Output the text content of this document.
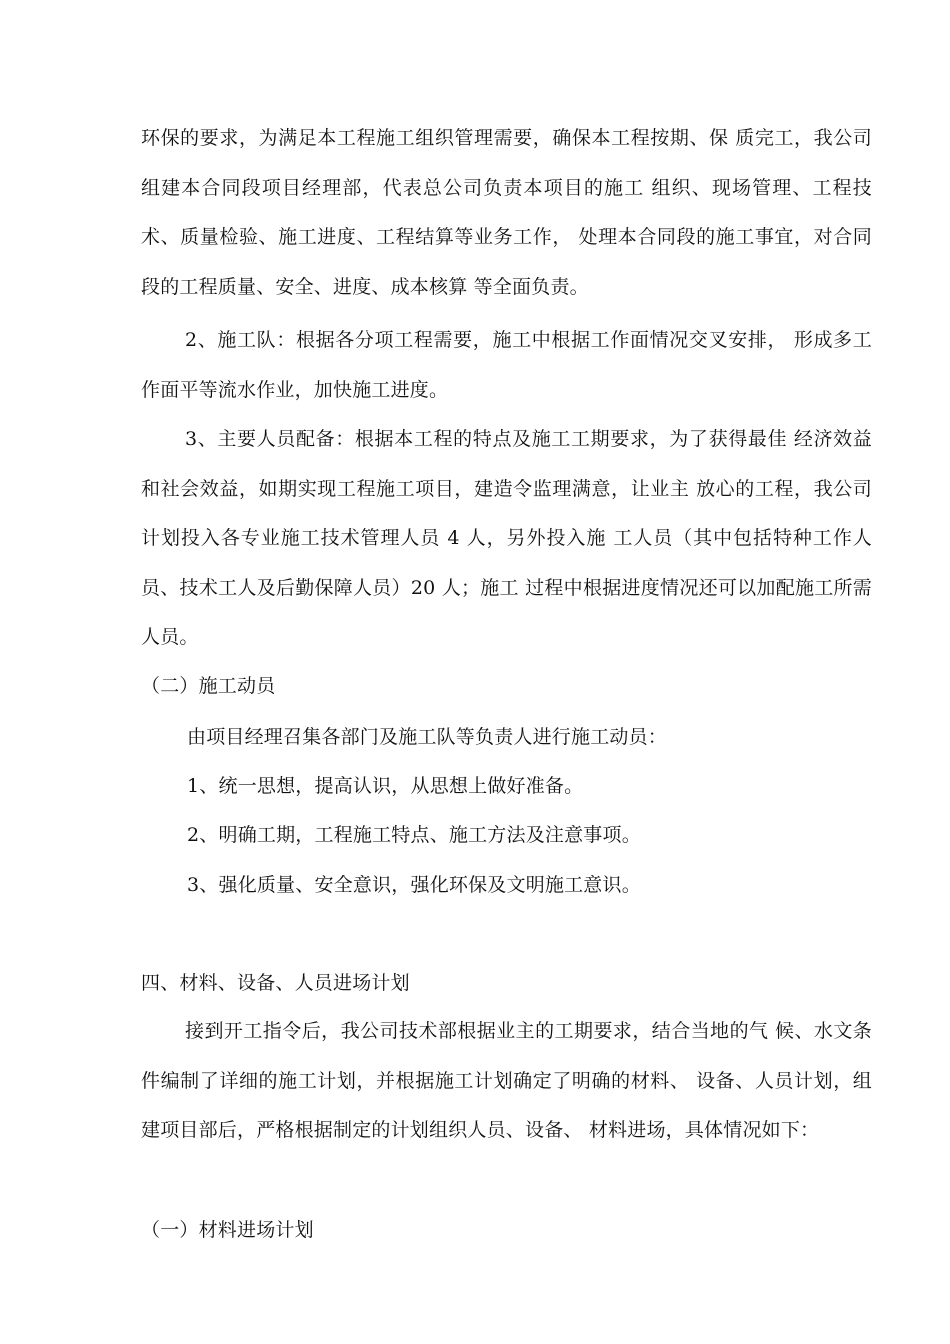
环保的要求，为满足本工程施工组织管理需要，确保本工程按期、保 质完工，我公司组建本合同段项目经理部，代表总公司负责本项目的施工 组织、现场管理、工程技术、质量检验、施工进度、工程结算等业务工作， 处理本合同段的施工事宜，对合同段的工程质量、安全、进度、成本核算 等全面负责。

2、施工队：根据各分项工程需要，施工中根据工作面情况交叉安排， 形成多工作面平等流水作业，加快施工进度。

3、主要人员配备：根据本工程的特点及施工工期要求，为了获得最佳 经济效益和社会效益，如期实现工程施工项目，建造令监理满意，让业主 放心的工程，我公司计划投入各专业施工技术管理人员 4 人，另外投入施 工人员（其中包括特种工作人员、技术工人及后勤保障人员）20 人；施工 过程中根据进度情况还可以加配施工所需人员。

（二）施工动员

由项目经理召集各部门及施工队等负责人进行施工动员：

1、统一思想，提高认识，从思想上做好准备。

2、明确工期，工程施工特点、施工方法及注意事项。

3、强化质量、安全意识，强化环保及文明施工意识。

四、材料、设备、人员进场计划

接到开工指令后，我公司技术部根据业主的工期要求，结合当地的气 候、水文条件编制了详细的施工计划，并根据施工计划确定了明确的材料、 设备、人员计划，组建项目部后，严格根据制定的计划组织人员、设备、 材料进场，具体情况如下：

（一）材料进场计划
